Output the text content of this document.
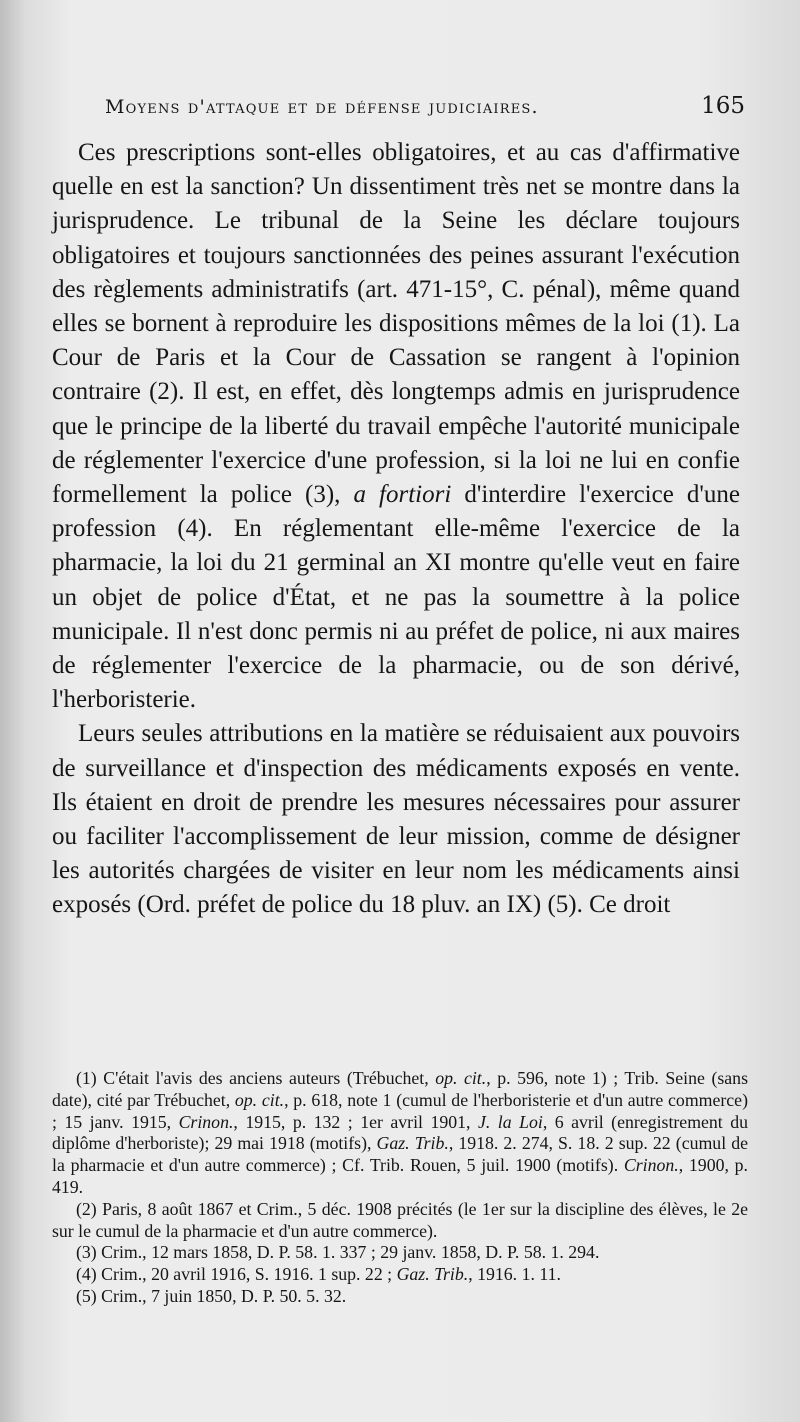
Moyens d'attaque et de défense judiciaires.	165

Ces prescriptions sont-elles obligatoires, et au cas d'affirmative quelle en est la sanction? Un dissentiment très net se montre dans la jurisprudence. Le tribunal de la Seine les déclare toujours obligatoires et toujours sanctionnées des peines assurant l'exécution des règlements administratifs (art. 471-15°, C. pénal), même quand elles se bornent à reproduire les dispositions mêmes de la loi (1). La Cour de Paris et la Cour de Cassation se rangent à l'opinion contraire (2). Il est, en effet, dès longtemps admis en jurisprudence que le principe de la liberté du travail empêche l'autorité municipale de réglementer l'exercice d'une profession, si la loi ne lui en confie formellement la police (3), a fortiori d'interdire l'exercice d'une profession (4). En réglementant elle-même l'exercice de la pharmacie, la loi du 21 germinal an XI montre qu'elle veut en faire un objet de police d'État, et ne pas la soumettre à la police municipale. Il n'est donc permis ni au préfet de police, ni aux maires de réglementer l'exercice de la pharmacie, ou de son dérivé, l'herboristerie.

Leurs seules attributions en la matière se réduisaient aux pouvoirs de surveillance et d'inspection des médicaments exposés en vente. Ils étaient en droit de prendre les mesures nécessaires pour assurer ou faciliter l'accomplissement de leur mission, comme de désigner les autorités chargées de visiter en leur nom les médicaments ainsi exposés (Ord. préfet de police du 18 pluv. an IX) (5). Ce droit

(1) C'était l'avis des anciens auteurs (Trébuchet, op. cit., p. 596, note 1) ; Trib. Seine (sans date), cité par Trébuchet, op. cit., p. 618, note 1 (cumul de l'herboristerie et d'un autre commerce) ; 15 janv. 1915, Crinon., 1915, p. 132 ; 1er avril 1901, J. la Loi, 6 avril (enregistrement du diplôme d'herboriste); 29 mai 1918 (motifs), Gaz. Trib., 1918. 2. 274, S. 18. 2 sup. 22 (cumul de la pharmacie et d'un autre commerce) ; Cf. Trib. Rouen, 5 juil. 1900 (motifs). Crinon., 1900, p. 419.

(2) Paris, 8 août 1867 et Crim., 5 déc. 1908 précités (le 1er sur la discipline des élèves, le 2e sur le cumul de la pharmacie et d'un autre commerce).

(3) Crim., 12 mars 1858, D. P. 58. 1. 337 ; 29 janv. 1858, D. P. 58. 1. 294.

(4) Crim., 20 avril 1916, S. 1916. 1 sup. 22 ; Gaz. Trib., 1916. 1. 11.

(5) Crim., 7 juin 1850, D. P. 50. 5. 32.
